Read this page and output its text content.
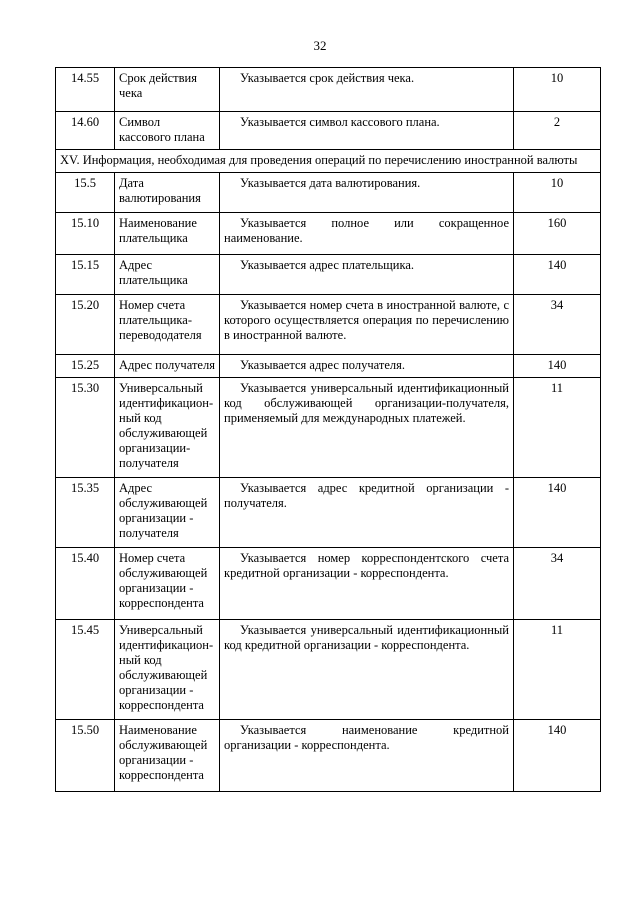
32
14.55	Срок действия чека	Указывается срок действия чека.	10
14.60	Символ кассового плана	Указывается символ кассового плана.	2
XV. Информация, необходимая для проведения операций по перечислению иностранной валюты			
15.5	Дата валютирования	Указывается дата валютирования.	10
15.10	Наименование плательщика	Указывается полное или сокращенное наименование.	160
15.15	Адрес плательщика	Указывается адрес плательщика.	140
15.20	Номер счета плательщика-перевододателя	Указывается номер счета в иностранной валюте, с которого осуществляется операция по перечислению в иностранной валюте.	34
15.25	Адрес получателя	Указывается адрес получателя.	140
15.30	Универсальный идентификацион-ный код обслуживающей организации-получателя	Указывается универсальный идентификационный код обслуживающей организации-получателя, применяемый для международных платежей.	11
15.35	Адрес обслуживающей организации - получателя	Указывается адрес кредитной организации - получателя.	140
15.40	Номер счета обслуживающей организации - корреспондента	Указывается номер корреспондентского счета кредитной организации - корреспондента.	34
15.45	Универсальный идентификацион-ный код обслуживающей организации - корреспондента	Указывается универсальный идентификационный код кредитной организации - корреспондента.	11
15.50	Наименование обслуживающей организации - корреспондента	Указывается наименование кредитной организации - корреспондента.	140
